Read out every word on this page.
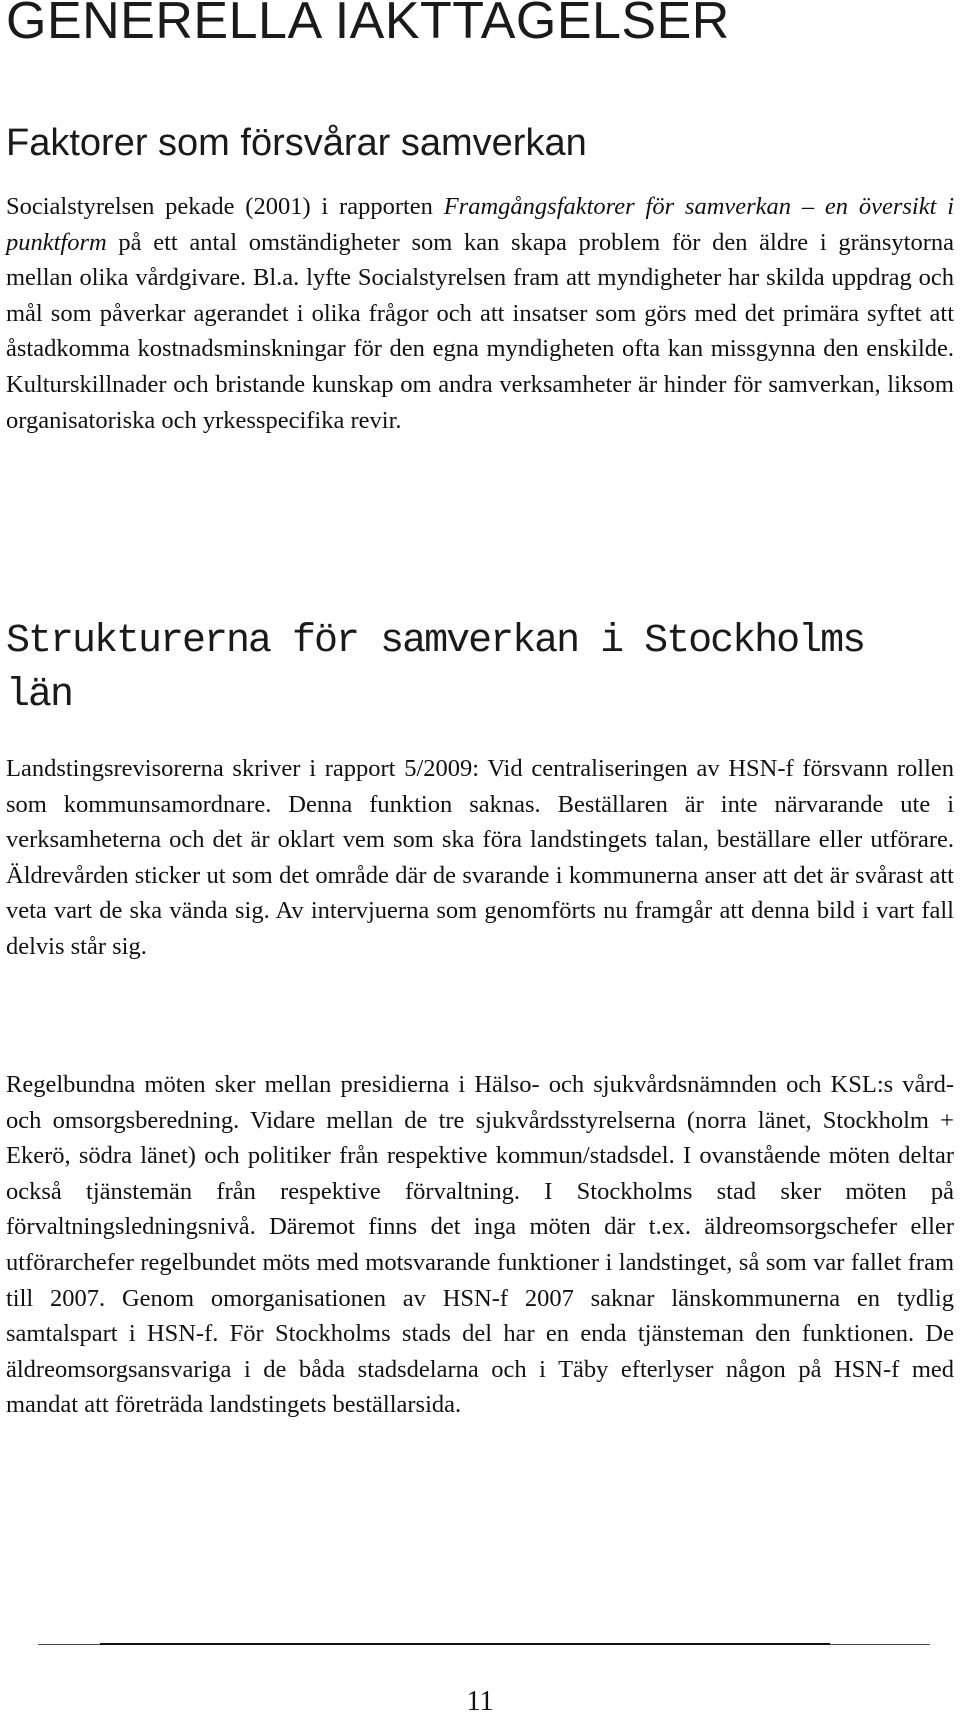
GENERELLA IAKTTAGELSER
Faktorer som försvårar samverkan

Socialstyrelsen pekade (2001) i rapporten Framgångsfaktorer för samverkan – en översikt i punktform på ett antal omständigheter som kan skapa problem för den äldre i gränsytorna mellan olika vårdgivare. Bl.a. lyfte Socialstyrelsen fram att myndigheter har skilda uppdrag och mål som påverkar agerandet i olika frågor och att insatser som görs med det primära syftet att åstadkomma kostnadsminskningar för den egna myndigheten ofta kan missgynna den enskilde. Kulturskillnader och bristande kunskap om andra verksamheter är hinder för samverkan, liksom organisatoriska och yrkesspecifika revir.

Strukturerna för samverkan i Stockholms län

Landstingsrevisorerna skriver i rapport 5/2009: Vid centraliseringen av HSN-f försvann rollen som kommunsamordnare. Denna funktion saknas. Beställaren är inte närvarande ute i verksamheterna och det är oklart vem som ska föra landstingets talan, beställare eller utförare. Äldrevården sticker ut som det område där de svarande i kommunerna anser att det är svårast att veta vart de ska vända sig. Av intervjuerna som genomförts nu framgår att denna bild i vart fall delvis står sig.

Regelbundna möten sker mellan presidierna i Hälso- och sjukvårdsnämnden och KSL:s vård- och omsorgsberedning. Vidare mellan de tre sjukvårdsstyrelserna (norra länet, Stockholm + Ekerö, södra länet) och politiker från respektive kommun/stadsdel. I ovanstående möten deltar också tjänstemän från respektive förvaltning. I Stockholms stad sker möten på förvaltningsledningsnivå. Däremot finns det inga möten där t.ex. äldreomsorgschefer eller utförarchefer regelbundet möts med motsvarande funktioner i landstinget, så som var fallet fram till 2007. Genom omorganisationen av HSN-f 2007 saknar länskommunerna en tydlig samtalspart i HSN-f. För Stockholms stads del har en enda tjänsteman den funktionen. De äldreomsorgsansvariga i de båda stadsdelarna och i Täby efterlyser någon på HSN-f med mandat att företräda landstingets beställarsida.

11
